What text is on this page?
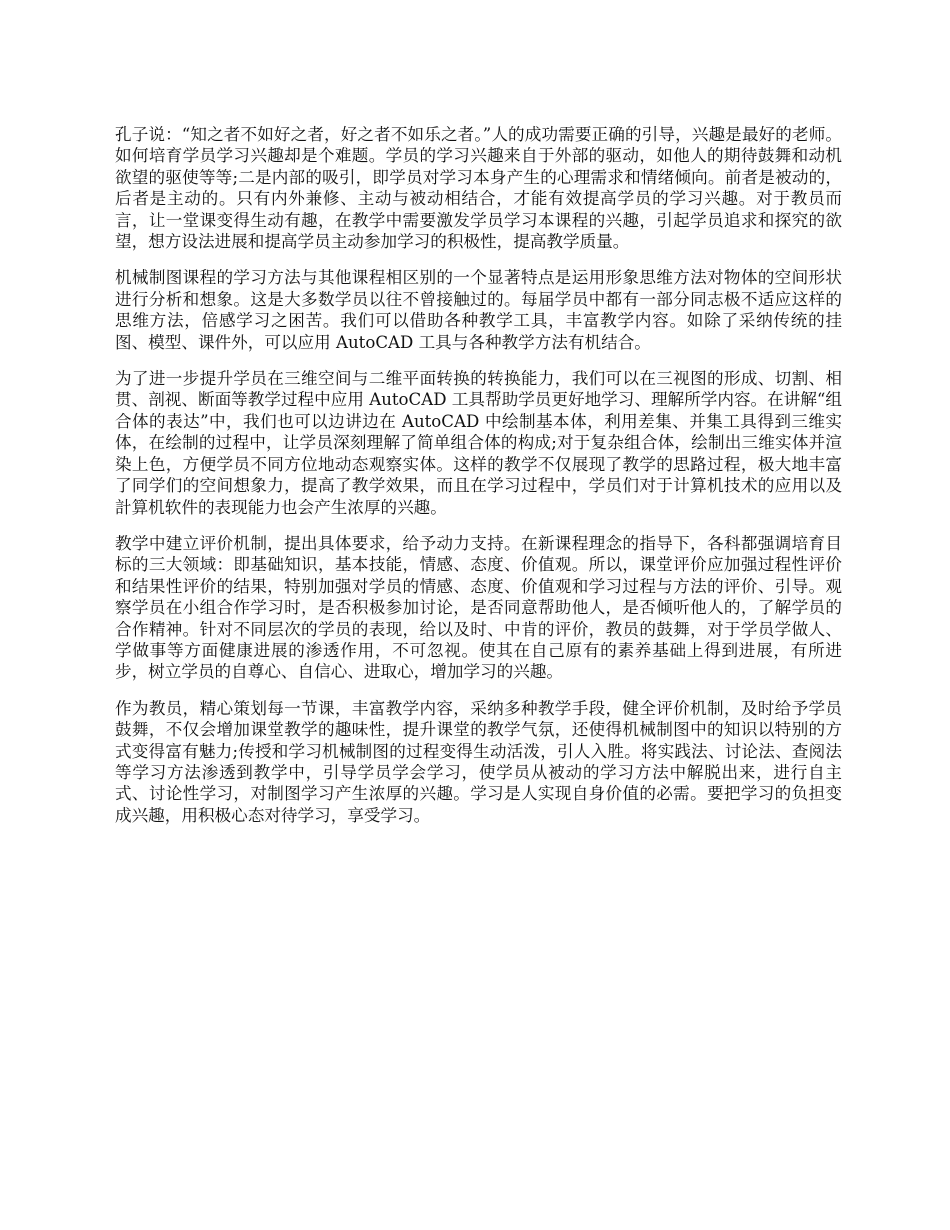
孔子说：“知之者不如好之者，好之者不如乐之者。”人的成功需要正确的引导，兴趣是最好的老师。如何培育学员学习兴趣却是个难题。学员的学习兴趣来自于外部的驱动，如他人的期待鼓舞和动机欲望的驱使等等;二是内部的吸引，即学员对学习本身产生的心理需求和情绪倾向。前者是被动的，后者是主动的。只有内外兼修、主动与被动相结合，才能有效提高学员的学习兴趣。对于教员而言，让一堂课变得生动有趣，在教学中需要激发学员学习本课程的兴趣，引起学员追求和探究的欲望，想方设法进展和提高学员主动参加学习的积极性，提高教学质量。

机械制图课程的学习方法与其他课程相区别的一个显著特点是运用形象思维方法对物体的空间形状进行分析和想象。这是大多数学员以往不曾接触过的。每届学员中都有一部分同志极不适应这样的思维方法，倍感学习之困苦。我们可以借助各种教学工具，丰富教学内容。如除了采纳传统的挂图、模型、课件外，可以应用 AutoCAD 工具与各种教学方法有机结合。

为了进一步提升学员在三维空间与二维平面转换的转换能力，我们可以在三视图的形成、切割、相贯、剖视、断面等教学过程中应用 AutoCAD 工具帮助学员更好地学习、理解所学内容。在讲解“组合体的表达”中，我们也可以边讲边在 AutoCAD 中绘制基本体，利用差集、并集工具得到三维实体，在绘制的过程中，让学员深刻理解了简单组合体的构成;对于复杂组合体，绘制出三维实体并渲染上色，方便学员不同方位地动态观察实体。这样的教学不仅展现了教学的思路过程，极大地丰富了同学们的空间想象力，提高了教学效果，而且在学习过程中，学员们对于计算机技术的应用以及計算机软件的表现能力也会产生浓厚的兴趣。

教学中建立评价机制，提出具体要求，给予动力支持。在新课程理念的指导下，各科都强调培育目标的三大领域：即基础知识，基本技能，情感、态度、价值观。所以，课堂评价应加强过程性评价和结果性评价的结果，特别加强对学员的情感、态度、价值观和学习过程与方法的评价、引导。观察学员在小组合作学习时，是否积极参加讨论，是否同意帮助他人，是否倾听他人的，了解学员的合作精神。针对不同层次的学员的表现，给以及时、中肯的评价，教员的鼓舞，对于学员学做人、学做事等方面健康进展的渗透作用，不可忽视。使其在自己原有的素养基础上得到进展，有所进步，树立学员的自尊心、自信心、进取心，增加学习的兴趣。

作为教员，精心策划每一节课，丰富教学内容，采纳多种教学手段，健全评价机制，及时给予学员鼓舞，不仅会增加课堂教学的趣味性，提升课堂的教学气氛，还使得机械制图中的知识以特别的方式变得富有魅力;传授和学习机械制图的过程变得生动活泼，引人入胜。将实践法、讨论法、查阅法等学习方法渗透到教学中，引导学员学会学习，使学员从被动的学习方法中解脱出来，进行自主式、讨论性学习，对制图学习产生浓厚的兴趣。学习是人实现自身价值的必需。要把学习的负担变成兴趣，用积极心态对待学习，享受学习。
